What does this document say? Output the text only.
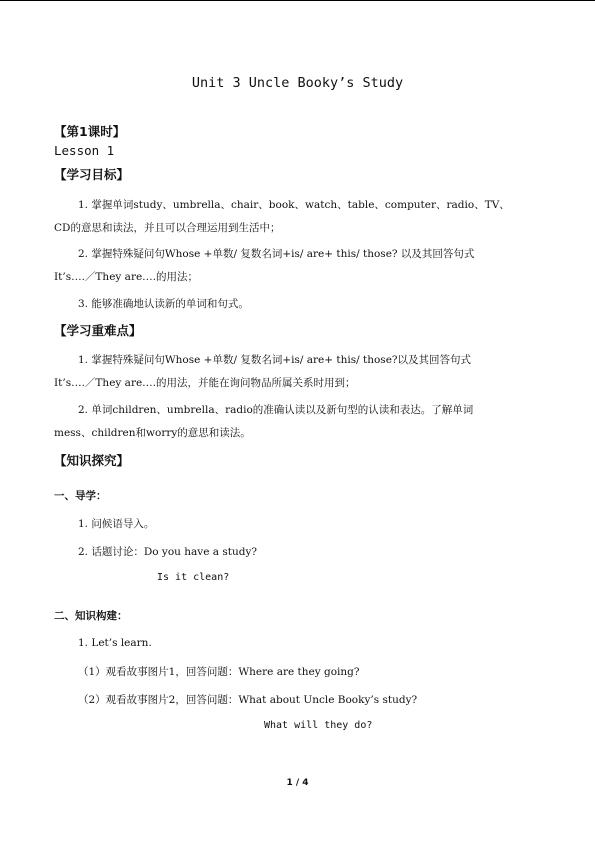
Unit 3 Uncle Booky’s Study
【第1课时】
Lesson 1
【学习目标】
1. 掌握单词study、umbrella、chair、book、watch、table、computer、radio、TV、
CD的意思和读法，并且可以合理运用到生活中；
2. 掌握特殊疑问句Whose +单数/ 复数名词+is/ are+ this/ those? 以及其回答句式
It’s….／They are….的用法；
3. 能够准确地认读新的单词和句式。
【学习重难点】
1. 掌握特殊疑问句Whose +单数/ 复数名词+is/ are+ this/ those?以及其回答句式
It’s….／They are….的用法，并能在询问物品所属关系时用到；
2. 单词children、umbrella、radio的准确认读以及新句型的认读和表达。了解单词
mess、children和worry的意思和读法。
【知识探究】
一、导学：
1. 问候语导入。
2. 话题讨论：Do you have a study?
Is it clean?
二、知识构建：
1. Let’s learn.
（1）观看故事图片1，回答问题：Where are they going?
（2）观看故事图片2，回答问题：What about Uncle Booky’s study?
What will they do?
1 / 4
